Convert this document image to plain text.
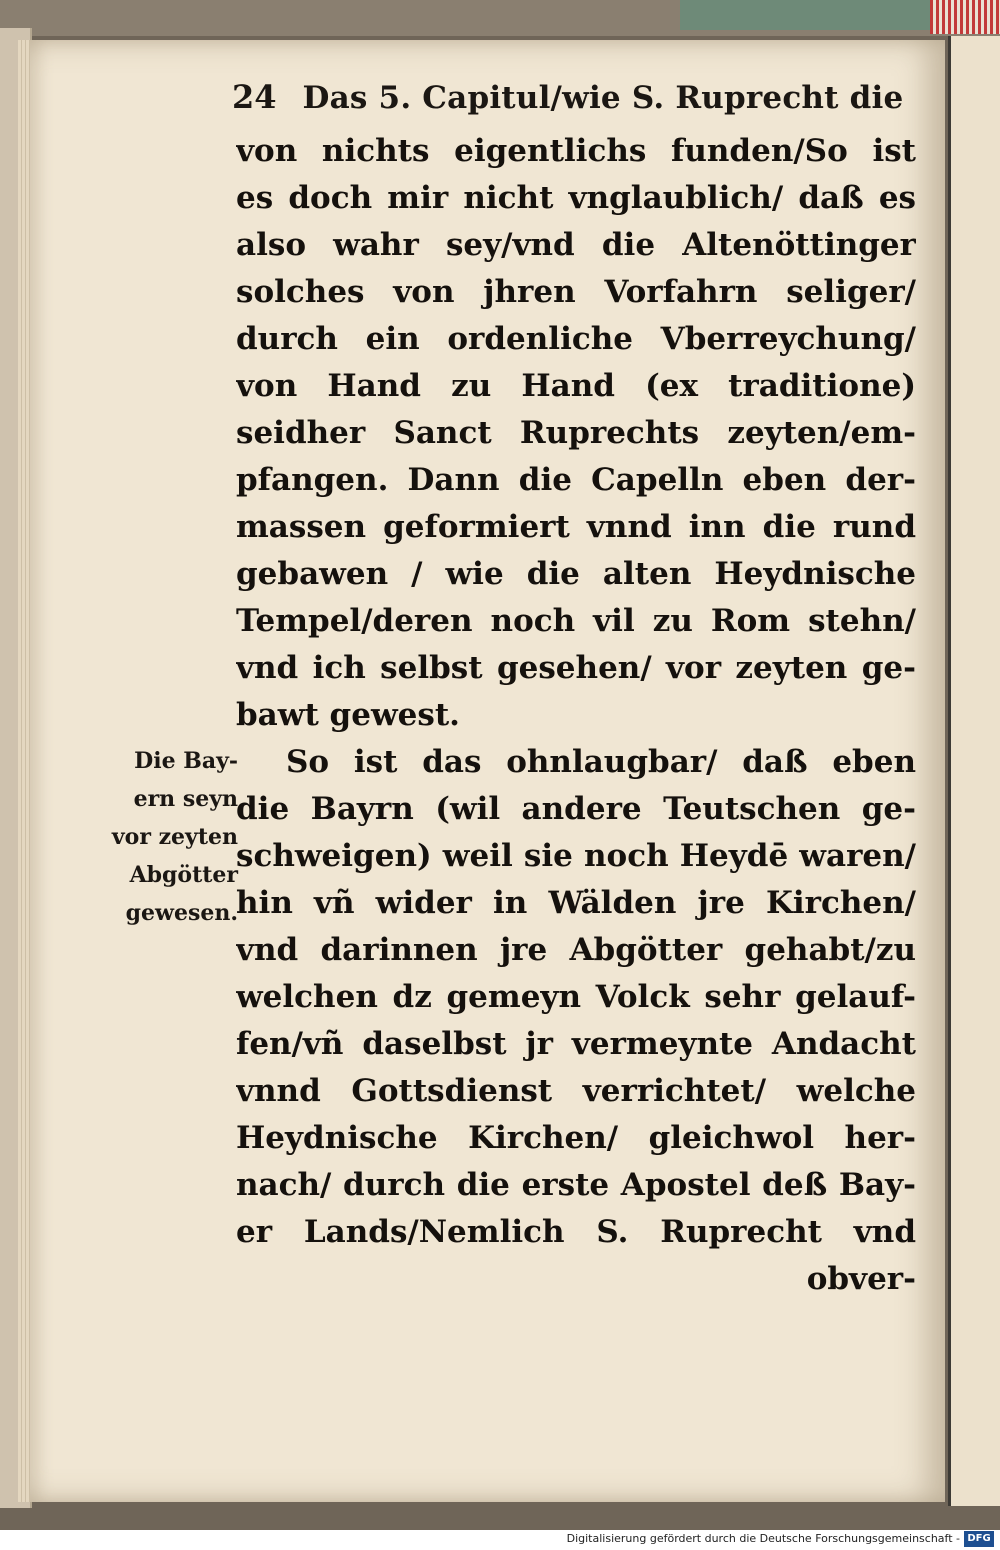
24 Das 5. Capitul/wie S. Ruprecht die
von nichts eigentlichs funden/So ist
es doch mir nicht vnglaublich/ daß es
also wahr sey/vnd die Altenöttinger
solches von jhren Vorfahrn seliger/
durch ein ordenliche Vberreychung/
von Hand zu Hand (ex traditione)
seidher Sanct Ruprechts zeyten/em-
pfangen. Dann die Capelln eben der-
massen geformiert vnnd inn die rund
gebawen / wie die alten Heydnische
Tempel/deren noch vil zu Rom stehn/
vnd ich selbst gesehen/ vor zeyten ge-
bawt gewest.
So ist das ohnlaugbar/ daß eben
die Bayrn (wil andere Teutschen ge-
schweigen) weil sie noch Heydē waren/
hin vñ wider in Wälden jre Kirchen/
vnd darinnen jre Abgötter gehabt/zu
welchen dz gemeyn Volck sehr gelauf-
fen/vñ daselbst jr vermeynte Andacht
vnnd Gottsdienst verrichtet/ welche
Heydnische Kirchen/ gleichwol her-
nach/ durch die erste Apostel deß Bay-
er Lands/Nemlich S. Ruprecht vnd
obver-
Die Bay-
ern seyn
vor zeyten
Abgötter
gewesen.
Digitalisierung gefördert durch die Deutsche Forschungsgemeinschaft - DFG
